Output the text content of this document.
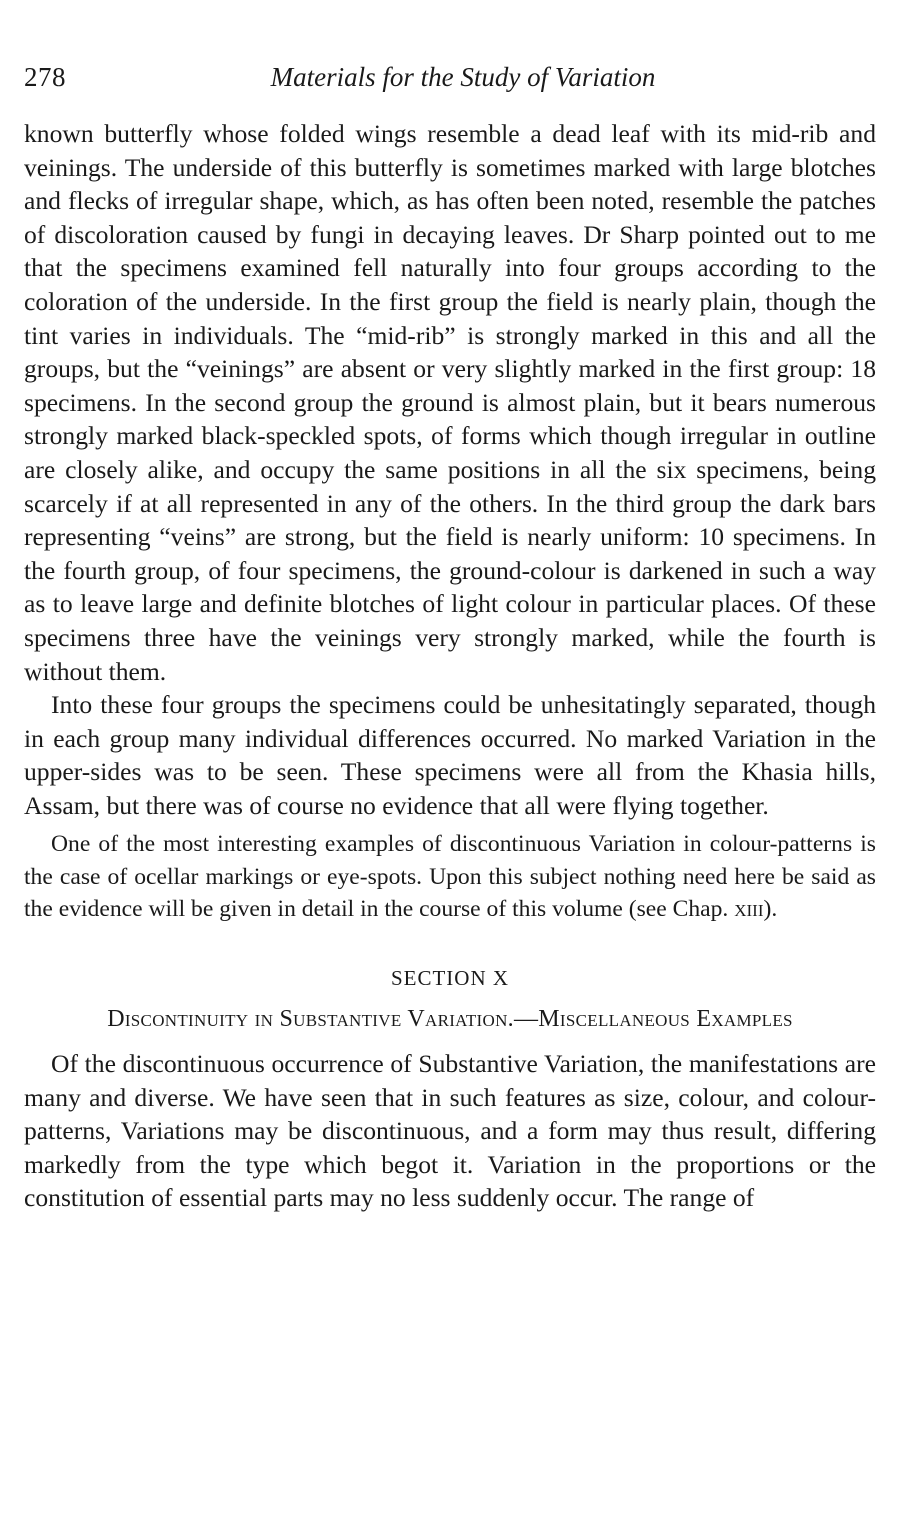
278	Materials for the Study of Variation

known butterfly whose folded wings resemble a dead leaf with its mid-rib and veinings. The underside of this butterfly is sometimes marked with large blotches and flecks of irregular shape, which, as has often been noted, resemble the patches of discoloration caused by fungi in decaying leaves. Dr Sharp pointed out to me that the specimens examined fell naturally into four groups according to the coloration of the underside. In the first group the field is nearly plain, though the tint varies in individuals. The “mid-rib” is strongly marked in this and all the groups, but the “veinings” are absent or very slightly marked in the first group: 18 specimens. In the second group the ground is almost plain, but it bears numerous strongly marked black-speckled spots, of forms which though irregular in outline are closely alike, and occupy the same positions in all the six specimens, being scarcely if at all represented in any of the others. In the third group the dark bars representing “veins” are strong, but the field is nearly uniform: 10 specimens. In the fourth group, of four specimens, the ground-colour is darkened in such a way as to leave large and definite blotches of light colour in particular places. Of these specimens three have the veinings very strongly marked, while the fourth is without them.

Into these four groups the specimens could be unhesitatingly separated, though in each group many individual differences occurred. No marked Variation in the upper-sides was to be seen. These specimens were all from the Khasia hills, Assam, but there was of course no evidence that all were flying together.

One of the most interesting examples of discontinuous Variation in colour-patterns is the case of ocellar markings or eye-spots. Upon this subject nothing need here be said as the evidence will be given in detail in the course of this volume (see Chap. xiii).

SECTION X
Discontinuity in Substantive Variation.—Miscellaneous Examples

Of the discontinuous occurrence of Substantive Variation, the manifestations are many and diverse. We have seen that in such features as size, colour, and colour-patterns, Variations may be discontinuous, and a form may thus result, differing markedly from the type which begot it. Variation in the proportions or the constitution of essential parts may no less suddenly occur. The range of
